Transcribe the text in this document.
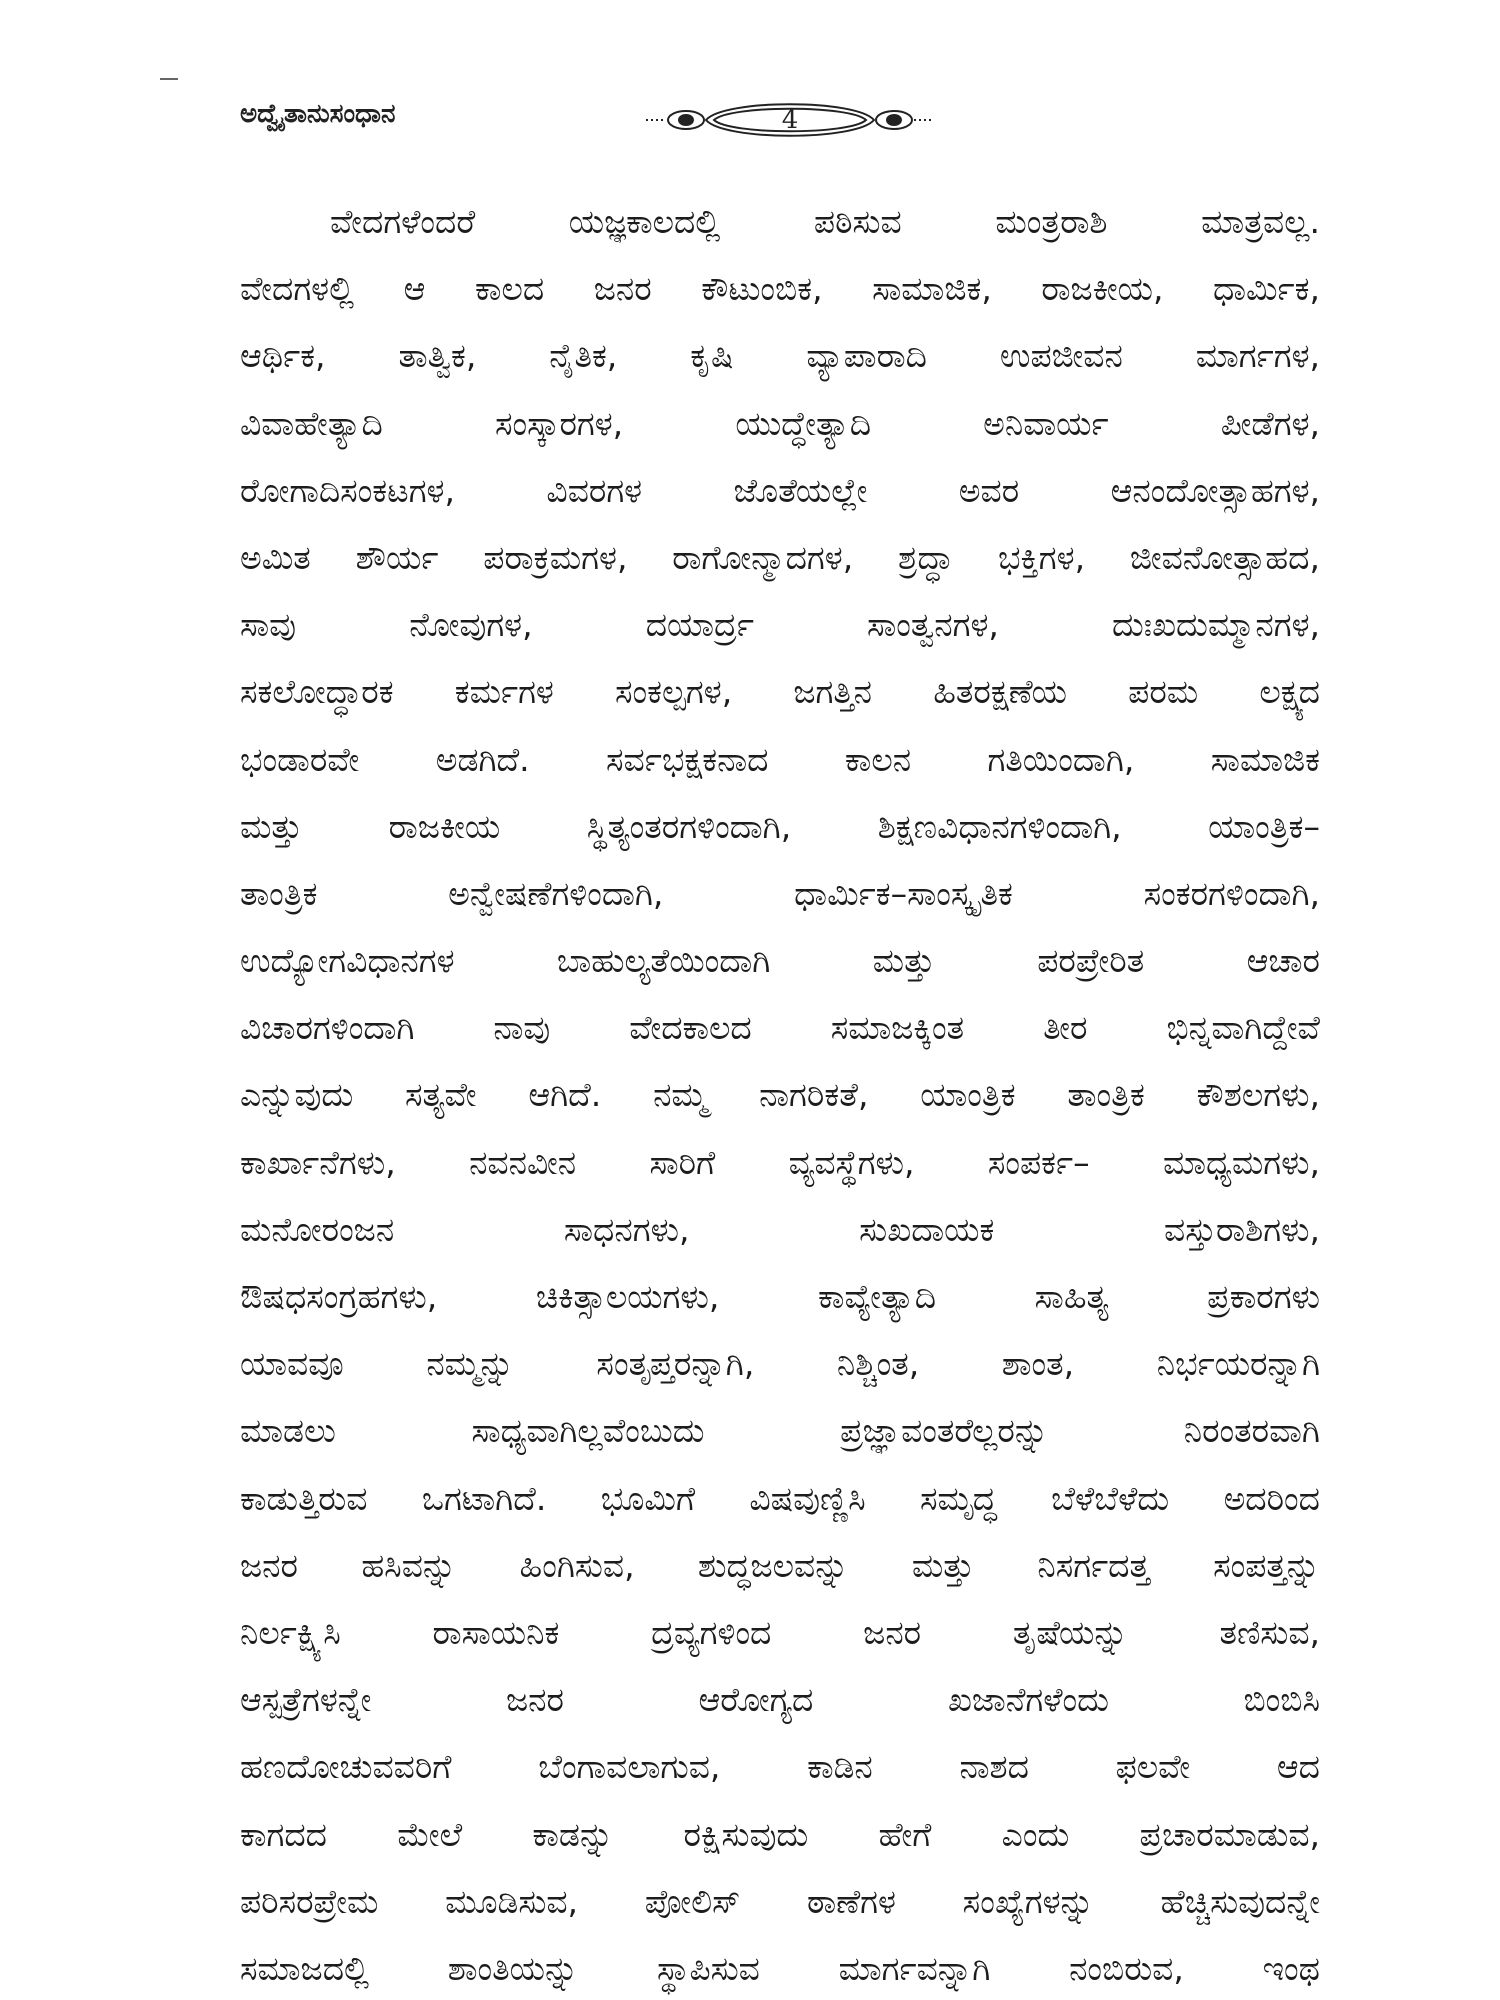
ಅದ್ವೈತಾನುಸಂಧಾನ	4
ವೇದಗಳೆಂದರೆ ಯಜ್ಞಕಾಲದಲ್ಲಿ ಪಠಿಸುವ ಮಂತ್ರರಾಶಿ ಮಾತ್ರವಲ್ಲ.
ವೇದಗಳಲ್ಲಿ ಆ ಕಾಲದ ಜನರ ಕೌಟುಂಬಿಕ, ಸಾಮಾಜಿಕ, ರಾಜಕೀಯ, ಧಾರ್ಮಿಕ,
ಆರ್ಥಿಕ, ತಾತ್ವಿಕ, ನೈತಿಕ, ಕೃಷಿ ವ್ಯಾಪಾರಾದಿ ಉಪಜೀವನ ಮಾರ್ಗಗಳ,
ವಿವಾಹೇತ್ಯಾದಿ ಸಂಸ್ಕಾರಗಳ, ಯುದ್ಧೇತ್ಯಾದಿ ಅನಿವಾರ್ಯ ಪೀಡೆಗಳ,
ರೋಗಾದಿಸಂಕಟಗಳ, ವಿವರಗಳ ಜೊತೆಯಲ್ಲೇ ಅವರ ಆನಂದೋತ್ಸಾಹಗಳ,
ಅಮಿತ ಶೌರ್ಯ ಪರಾಕ್ರಮಗಳ, ರಾಗೋನ್ಮಾದಗಳ, ಶ್ರದ್ಧಾ ಭಕ್ತಿಗಳ, ಜೀವನೋತ್ಸಾಹದ,
ಸಾವು ನೋವುಗಳ, ದಯಾರ್ದ್ರ ಸಾಂತ್ವನಗಳ, ದುಃಖದುಮ್ಮಾನಗಳ,
ಸಕಲೋದ್ಧಾರಕ ಕರ್ಮಗಳ ಸಂಕಲ್ಪಗಳ, ಜಗತ್ತಿನ ಹಿತರಕ್ಷಣೆಯ ಪರಮ ಲಕ್ಷ್ಯದ
ಭಂಡಾರವೇ ಅಡಗಿದೆ. ಸರ್ವಭಕ್ಷಕನಾದ ಕಾಲನ ಗತಿಯಿಂದಾಗಿ, ಸಾಮಾಜಿಕ
ಮತ್ತು ರಾಜಕೀಯ ಸ್ಥಿತ್ಯಂತರಗಳಿಂದಾಗಿ, ಶಿಕ್ಷಣವಿಧಾನಗಳಿಂದಾಗಿ, ಯಾಂತ್ರಿಕ–
ತಾಂತ್ರಿಕ ಅನ್ವೇಷಣೆಗಳಿಂದಾಗಿ, ಧಾರ್ಮಿಕ–ಸಾಂಸ್ಕೃತಿಕ ಸಂಕರಗಳಿಂದಾಗಿ,
ಉದ್ಯೋಗವಿಧಾನಗಳ ಬಾಹುಲ್ಯತೆಯಿಂದಾಗಿ ಮತ್ತು ಪರಪ್ರೇರಿತ ಆಚಾರ
ವಿಚಾರಗಳಿಂದಾಗಿ ನಾವು ವೇದಕಾಲದ ಸಮಾಜಕ್ಕಿಂತ ತೀರ ಭಿನ್ನವಾಗಿದ್ದೇವೆ
ಎನ್ನುವುದು ಸತ್ಯವೇ ಆಗಿದೆ. ನಮ್ಮ ನಾಗರಿಕತೆ, ಯಾಂತ್ರಿಕ ತಾಂತ್ರಿಕ ಕೌಶಲಗಳು,
ಕಾರ್ಖಾನೆಗಳು, ನವನವೀನ ಸಾರಿಗೆ ವ್ಯವಸ್ಥೆಗಳು, ಸಂಪರ್ಕ– ಮಾಧ್ಯಮಗಳು,
ಮನೋರಂಜನ ಸಾಧನಗಳು, ಸುಖದಾಯಕ ವಸ್ತುರಾಶಿಗಳು,
ಔಷಧಸಂಗ್ರಹಗಳು, ಚಿಕಿತ್ಸಾಲಯಗಳು, ಕಾವ್ಯೇತ್ಯಾದಿ ಸಾಹಿತ್ಯ ಪ್ರಕಾರಗಳು
ಯಾವವೂ ನಮ್ಮನ್ನು ಸಂತೃಪ್ತರನ್ನಾಗಿ, ನಿಶ್ಚಿಂತ, ಶಾಂತ, ನಿರ್ಭಯರನ್ನಾಗಿ
ಮಾಡಲು ಸಾಧ್ಯವಾಗಿಲ್ಲವೆಂಬುದು ಪ್ರಜ್ಞಾವಂತರೆಲ್ಲರನ್ನು ನಿರಂತರವಾಗಿ
ಕಾಡುತ್ತಿರುವ ಒಗಟಾಗಿದೆ. ಭೂಮಿಗೆ ವಿಷವುಣ್ಣಿಸಿ ಸಮೃದ್ಧ ಬೆಳೆಬೆಳೆದು ಅದರಿಂದ
ಜನರ ಹಸಿವನ್ನು ಹಿಂಗಿಸುವ, ಶುದ್ಧಜಲವನ್ನು ಮತ್ತು ನಿಸರ್ಗದತ್ತ ಸಂಪತ್ತನ್ನು
ನಿರ್ಲಕ್ಷ್ಯಿಸಿ ರಾಸಾಯನಿಕ ದ್ರವ್ಯಗಳಿಂದ ಜನರ ತೃಷೆಯನ್ನು ತಣಿಸುವ,
ಆಸ್ಪತ್ರೆಗಳನ್ನೇ ಜನರ ಆರೋಗ್ಯದ ಖಜಾನೆಗಳೆಂದು ಬಿಂಬಿಸಿ
ಹಣದೋಚುವವರಿಗೆ ಬೆಂಗಾವಲಾಗುವ, ಕಾಡಿನ ನಾಶದ ಫಲವೇ ಆದ
ಕಾಗದದ ಮೇಲೆ ಕಾಡನ್ನು ರಕ್ಷಿಸುವುದು ಹೇಗೆ ಎಂದು ಪ್ರಚಾರಮಾಡುವ,
ಪರಿಸರಪ್ರೇಮ ಮೂಡಿಸುವ, ಪೋಲಿಸ್ ಠಾಣೆಗಳ ಸಂಖ್ಯೆಗಳನ್ನು ಹೆಚ್ಚಿಸುವುದನ್ನೇ
ಸಮಾಜದಲ್ಲಿ ಶಾಂತಿಯನ್ನು ಸ್ಥಾಪಿಸುವ ಮಾರ್ಗವನ್ನಾಗಿ ನಂಬಿರುವ, ಇಂಥ
